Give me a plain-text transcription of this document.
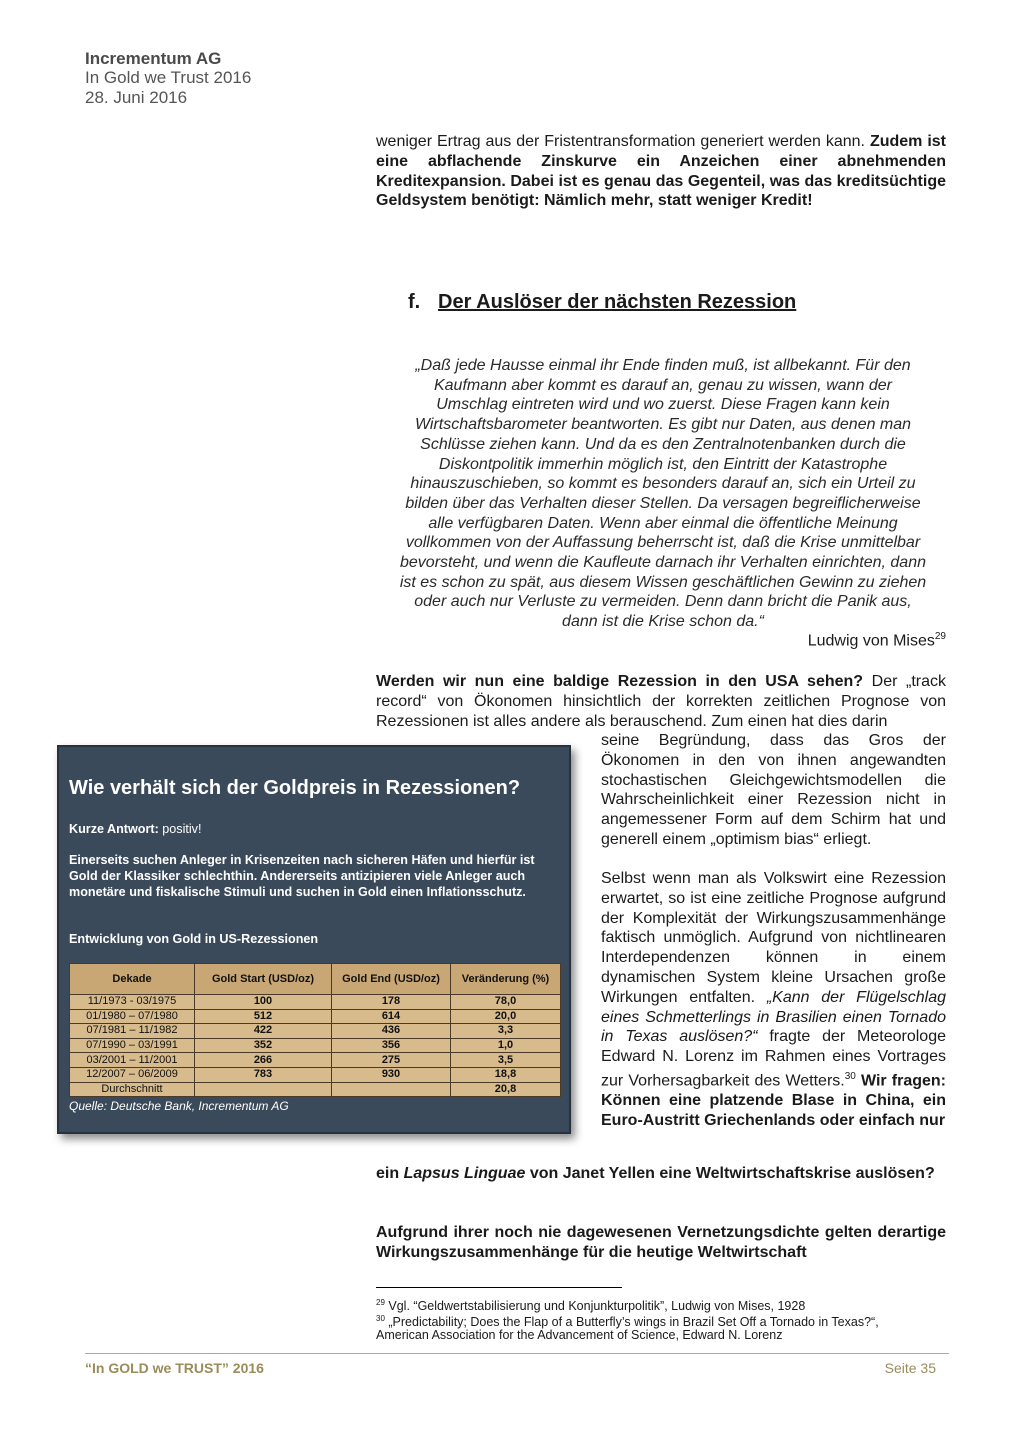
Incrementum AG
In Gold we Trust 2016
28. Juni 2016
weniger Ertrag aus der Fristentransformation generiert werden kann. Zudem ist eine abflachende Zinskurve ein Anzeichen einer abnehmenden Kreditexpansion. Dabei ist es genau das Gegenteil, was das kreditsüchtige Geldsystem benötigt: Nämlich mehr, statt weniger Kredit!
f. Der Auslöser der nächsten Rezession
„Daß jede Hausse einmal ihr Ende finden muß, ist allbekannt. Für den
Kaufmann aber kommt es darauf an, genau zu wissen, wann der
Umschlag eintreten wird und wo zuerst. Diese Fragen kann kein
Wirtschaftsbarometer beantworten. Es gibt nur Daten, aus denen man
Schlüsse ziehen kann. Und da es den Zentralnotenbanken durch die
Diskontpolitik immerhin möglich ist, den Eintritt der Katastrophe
hinauszuschieben, so kommt es besonders darauf an, sich ein Urteil zu
bilden über das Verhalten dieser Stellen. Da versagen begreiflicherweise
alle verfügbaren Daten. Wenn aber einmal die öffentliche Meinung
vollkommen von der Auffassung beherrscht ist, daß die Krise unmittelbar
bevorsteht, und wenn die Kaufleute darnach ihr Verhalten einrichten, dann
ist es schon zu spät, aus diesem Wissen geschäftlichen Gewinn zu ziehen
oder auch nur Verluste zu vermeiden. Denn dann bricht die Panik aus,
dann ist die Krise schon da.“
Ludwig von Mises$^{29}$
Werden wir nun eine baldige Rezession in den USA sehen? Der „track record“ von Ökonomen hinsichtlich der korrekten zeitlichen Prognose von Rezessionen ist alles andere als berauschend. Zum einen hat dies darin
seine Begründung, dass das Gros der Ökonomen in den von ihnen angewandten stochastischen Gleichgewichtsmodellen die Wahrscheinlichkeit einer Rezession nicht in angemessener Form auf dem Schirm hat und generell einem „optimism bias“ erliegt.
Selbst wenn man als Volkswirt eine Rezession erwartet, so ist eine zeitliche Prognose aufgrund der Komplexität der Wirkungszusammenhänge faktisch unmöglich. Aufgrund von nichtlinearen Interdependenzen können in einem dynamischen System kleine Ursachen große Wirkungen entfalten. „Kann der Flügelschlag eines Schmetterlings in Brasilien einen Tornado in Texas auslösen?“ fragte der Meteorologe Edward N. Lorenz im Rahmen eines Vortrages zur Vorhersagbarkeit des Wetters.$^{30}$ Wir fragen: Können eine platzende Blase in China, ein Euro-Austritt Griechenlands oder einfach nur
ein Lapsus Linguae von Janet Yellen eine Weltwirtschaftskrise auslösen?
Aufgrund ihrer noch nie dagewesenen Vernetzungsdichte gelten derartige Wirkungszusammenhänge für die heutige Weltwirtschaft
Wie verhält sich der Goldpreis in Rezessionen?
Kurze Antwort: positiv!
Einerseits suchen Anleger in Krisenzeiten nach sicheren Häfen und hierfür ist Gold der Klassiker schlechthin. Andererseits antizipieren viele Anleger auch monetäre und fiskalische Stimuli und suchen in Gold einen Inflationsschutz.
Entwicklung von Gold in US-Rezessionen
Dekade	Gold Start (USD/oz)	Gold End (USD/oz)	Veränderung (%)
11/1973 - 03/1975	100	178	78,0
01/1980 – 07/1980	512	614	20,0
07/1981 – 11/1982	422	436	3,3
07/1990 – 03/1991	352	356	1,0
03/2001 – 11/2001	266	275	3,5
12/2007 – 06/2009	783	930	18,8
Durchschnitt			20,8
Quelle: Deutsche Bank, Incrementum AG
$^{29}$ Vgl. “Geldwertstabilisierung und Konjunkturpolitik”, Ludwig von Mises, 1928
$^{30}$ „Predictability; Does the Flap of a Butterfly’s wings in Brazil Set Off a Tornado in Texas?“,
American Association for the Advancement of Science, Edward N. Lorenz
“In GOLD we TRUST” 2016	Seite 35
